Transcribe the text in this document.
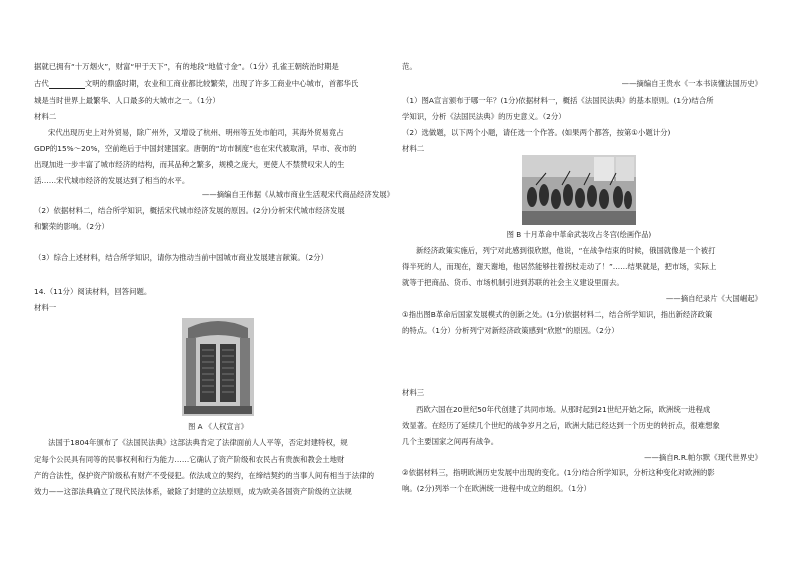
据就已拥有“十万烟火”，财富“甲于天下”，有的地段“地值寸金”。（1分）孔雀王朝统治时期是
古代	文明的鼎盛时期，农业和工商业都比较繁荣，出现了许多工商业中心城市，首都华氏
城是当时世界上最繁华、人口最多的大城市之一。（1分）
材料二
宋代出现历史上对外贸易，除广州外，又增设了杭州、明州等五处市舶司，其海外贸易竟占
GDP的15%～20%，空前绝后于中国封建国家。唐朝的“坊市制度”也在宋代被取消，早市、夜市的
出现加进一步丰富了城市经济的结构，而其品种之繁多，规模之庞大，更使人不禁赞叹宋人的生
活……宋代城市经济的发展达到了相当的水平。
——摘编自王伟据《从城市商业生活观宋代商品经济发展》
（2）依据材料二，结合所学知识，概括宋代城市经济发展的原因。(2分)分析宋代城市经济发展
和繁荣的影响。（2分）
（3）综合上述材料，结合所学知识，请你为推动当前中国城市商业发展建言献策。（2分）
14.（11分）阅读材料，回答问题。
材料一
图 A 《人权宣言》
法国于1804年颁布了《法国民法典》这部法典肯定了法律面前人人平等，否定封建特权，规
定每个公民具有同等的民事权利和行为能力……它确认了资产阶级和农民占有贵族和教会土地财
产的合法性，保护资产阶级私有财产不受侵犯。依法成立的契约，在缔结契约的当事人间有相当于法律的
效力——这部法典确立了现代民法体系，破除了封建的立法原则，成为欧美各国资产阶级的立法规
范。
——摘编自王贵水《一本书读懂法国历史》
（1）图A宣言颁布于哪一年？(1分)依据材料一，概括《法国民法典》的基本原则。(1分)结合所
学知识，分析《法国民法典》的历史意义。（2分）
（2）选做题，以下两个小题，请任选一个作答。(如果两个都答，按第①小题计分)
材料二
图 B 十月革命中革命武装攻占冬宫(绘画作品)
新经济政策实施后，列宁对此感到很欣慰，他说，“在战争结束的时候，俄国就像是一个被打
得半死的人，而现在，谢天谢地，他居然能够拄着拐杖走动了！”……结果就是，把市场，实际上
就等于把商品、货币、市场机制引进到苏联的社会主义建设里面去。
——摘自纪录片《大国崛起》
①指出图B革命后国家发展模式的创新之处。(1分)依据材料二，结合所学知识，指出新经济政策
的特点。（1分）分析列宁对新经济政策感到“欣慰”的原因。（2分）
材料三
西欧六国在20世纪50年代创建了共同市场。从那时起到21世纪开始之际，欧洲统一进程成
效显著。在经历了延续几个世纪的战争岁月之后，欧洲大陆已经达到一个历史的转折点，很难想象
几个主要国家之间再有战争。
——摘自R.R.帕尔默《现代世界史》
②依据材料三，指明欧洲历史发展中出现的变化。(1分)结合所学知识，分析这种变化对欧洲的影
响。(2分)列举一个在欧洲统一进程中成立的组织。（1分）
